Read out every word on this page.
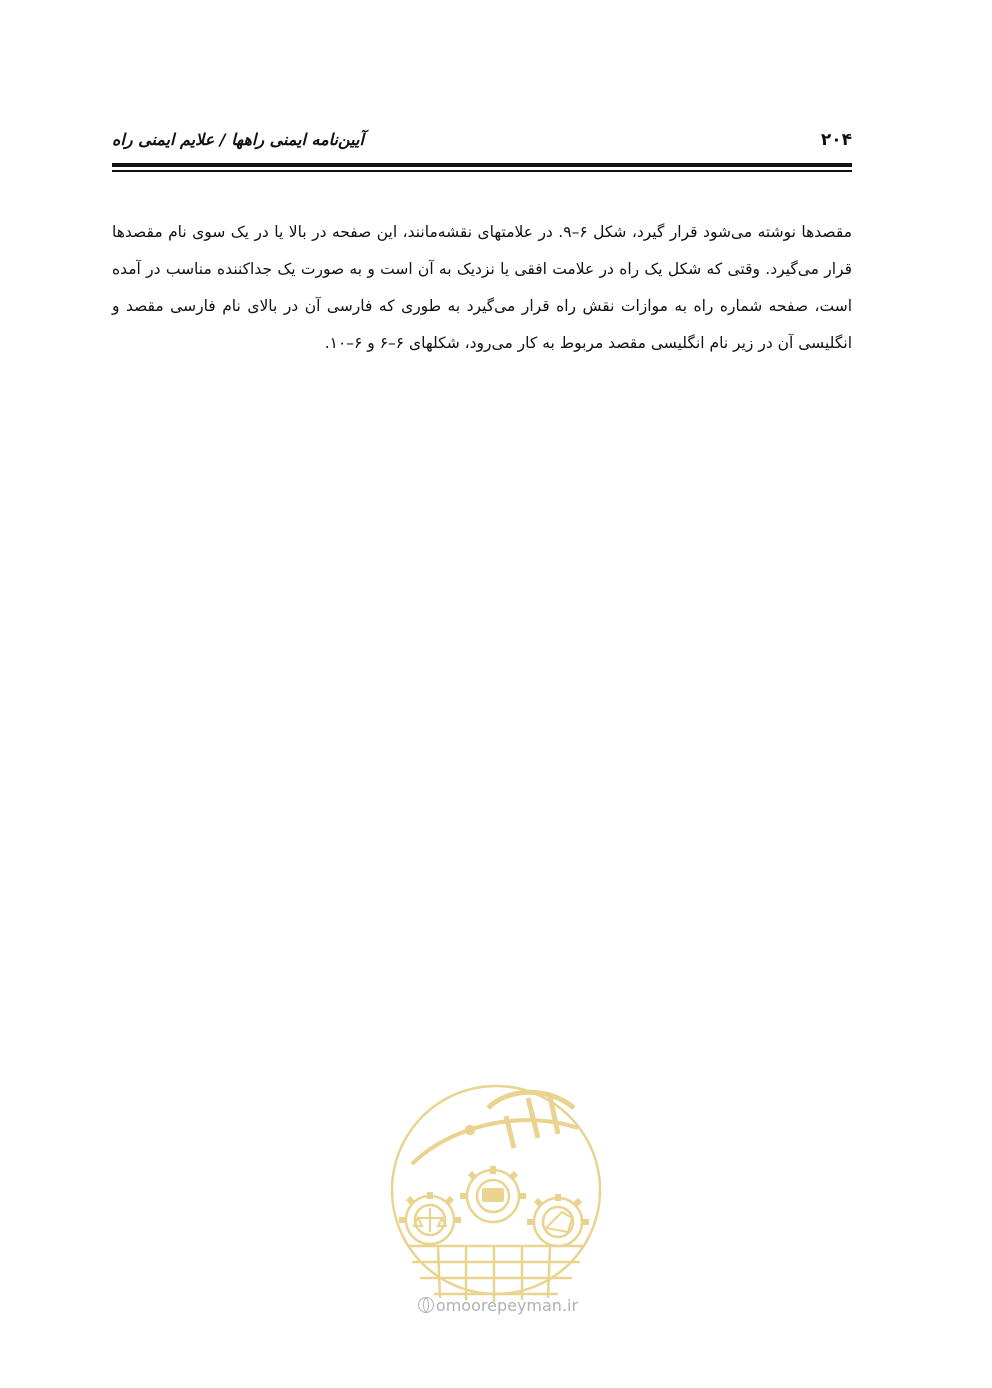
۲۰۴
آیین‌نامه ایمنی راهها / علایم ایمنی راه

مقصدها نوشته می‌شود قرار گیرد، شکل ۶–۹. در علامتهای نقشه‌مانند، این صفحه در بالا یا در یک سوی نام مقصدها قرار می‌گیرد. وقتی که شکل یک راه در علامت افقی یا نزدیک به آن است و به صورت یک جداکننده مناسب در آمده است، صفحه شماره راه به موازات نقش راه قرار می‌گیرد به طوری که فارسی آن در بالای نام فارسی مقصد و انگلیسی آن در زیر نام انگلیسی مقصد مربوط به کار می‌رود، شکلهای ۶–۶ و ۶–۱۰.

omoorepeyman.ir
